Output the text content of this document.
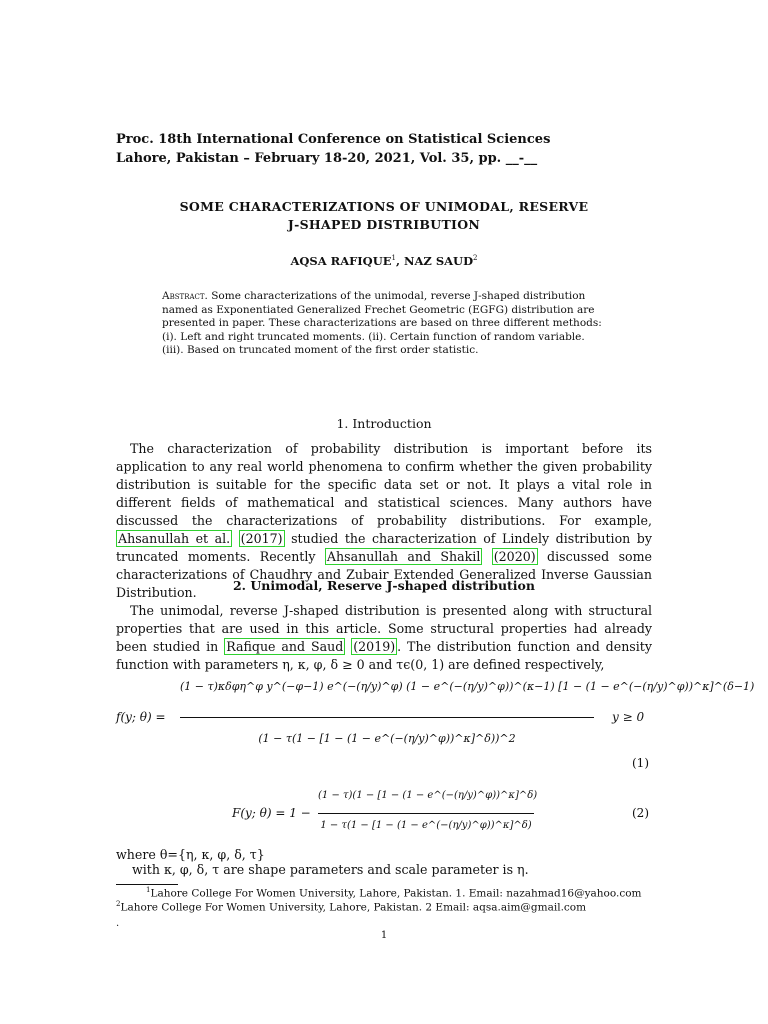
Proc. 18th International Conference on Statistical Sciences
Lahore, Pakistan – February 18-20, 2021, Vol. 35, pp. __-__
SOME CHARACTERIZATIONS OF UNIMODAL, RESERVE
J-SHAPED DISTRIBUTION
AQSA RAFIQUE$^1$, NAZ SAUD$^2$
Abstract. Some characterizations of the unimodal, reverse J-shaped distribution named as Exponentiated Generalized Frechet Geometric (EGFG) distribution are presented in paper. These characterizations are based on three different methods:
(i). Left and right truncated moments. (ii). Certain function of random variable.
(iii). Based on truncated moment of the first order statistic.
1. Introduction
The characterization of probability distribution is important before its application to any real world phenomena to confirm whether the given probability distribution is suitable for the specific data set or not. It plays a vital role in different fields of mathematical and statistical sciences. Many authors have discussed the characterizations of probability distributions. For example, Ahsanullah et al. (2017) studied the characterization of Lindely distribution by truncated moments. Recently Ahsanullah and Shakil (2020) discussed some characterizations of Chaudhry and Zubair Extended Generalized Inverse Gaussian Distribution.	2. Unimodal, Reserve J-shaped distribution
The unimodal, reverse J-shaped distribution is presented along with structural properties that are used in this article. Some structural properties had already been studied in Rafique and Saud (2019) . The distribution function and density function with parameters η, κ, φ, δ ≥ 0 and τϵ(0, 1) are defined respectively,
f(y; θ) =
(1 − τ)κδφη^φ y^(−φ−1) e^(−(η/y)^φ) (1 − e^(−(η/y)^φ))^(κ−1) [1 − (1 − e^(−(η/y)^φ))^κ]^(δ−1)
(1 − τ(1 − [1 − (1 − e^(−(η/y)^φ))^κ]^δ))^2
y ≥ 0
(1)
F(y; θ) = 1 −
(1 − τ)(1 − [1 − (1 − e^(−(η/y)^φ))^κ]^δ)
1 − τ(1 − [1 − (1 − e^(−(η/y)^φ))^κ]^δ)
(2)
where θ={η, κ, φ, δ, τ}
with κ, φ, δ, τ are shape parameters and scale parameter is η.
$^1$Lahore College For Women University, Lahore, Pakistan. 1. Email: nazahmad16@yahoo.com
$^2$Lahore College For Women University, Lahore, Pakistan. 2 Email: aqsa.aim@gmail.com
.
1
